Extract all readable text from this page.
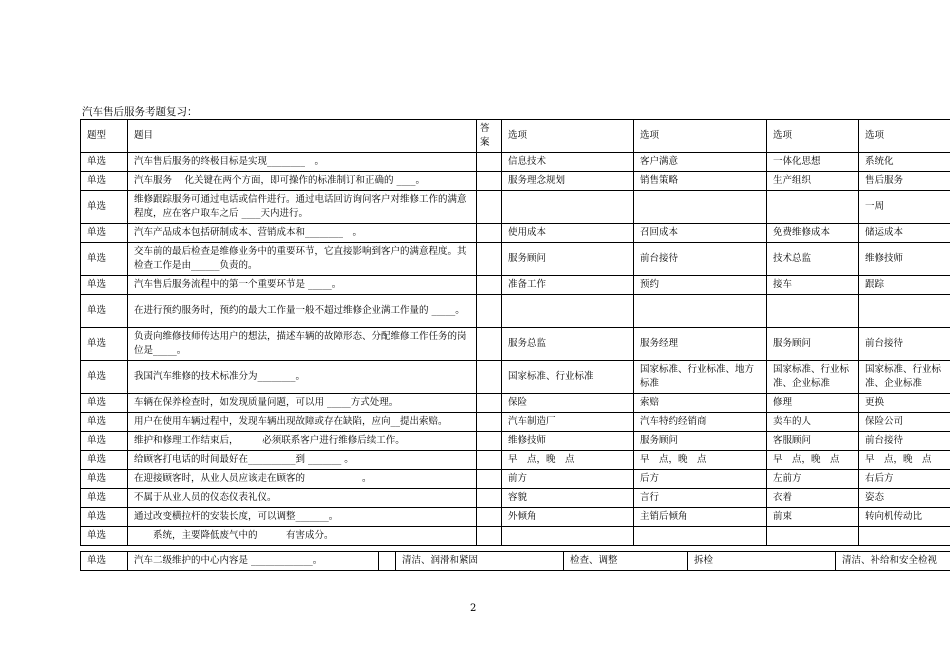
汽车售后服务考题复习：
题型	题目	答案	选项	选项	选项	选项
单选	汽车售后服务的终极目标是实现________　。		信息技术	客户满意	一体化思想	系统化
单选	汽车服务　 化关键在两个方面，即可操作的标准制订和正确的 ____。		服务理念规划	销售策略	生产组织	售后服务
单选	维修跟踪服务可通过电话或信件进行。通过电话回访询问客户对维修工作的满意程度，应在客户取车之后 ____天内进行。					一周
单选	汽车产品成本包括研制成本、营销成本和________　。		使用成本	召回成本	免费维修成本	储运成本
单选	交车前的最后检查是维修业务中的重要环节，它直接影响到客户的满意程度。其检查工作是由______负责的。		服务顾问	前台接待	技术总监	维修技师
单选	汽车售后服务流程中的第一个重要环节是 _____。		准备工作	预约	接车	跟踪
单选	在进行预约服务时，预约的最大工作量一般不超过维修企业满工作量的 _____。					
单选	负责向维修技师传达用户的想法，描述车辆的故障形态、分配维修工作任务的岗位是_____。		服务总监	服务经理	服务顾问	前台接待
单选	我国汽车维修的技术标准分为________。		国家标准、行业标准	国家标准、行业标准、地方标准	国家标准、行业标准、企业标准	国家标准、行业标准、企业标准
单选	车辆在保养检查时，如发现质量问题，可以用 _____方式处理。		保险	索赔	修理	更换
单选	用户在使用车辆过程中，发现车辆出现故障或存在缺陷，应向__提出索赔。		汽车制造厂	汽车特约经销商	卖车的人	保险公司
单选	维护和修理工作结束后，　　　必须联系客户进行维修后续工作。		维修技师	服务顾问	客服顾问	前台接待
单选	给顾客打电话的时间最好在__________到 _______ 。		早　点，晚　点	早　点，晚　点	早　点，晚　点	早　点，晚　点
单选	在迎接顾客时，从业人员应该走在顾客的　　　　　　。		前方	后方	左前方	右后方
单选	不属于从业人员的仪态仪表礼仪。		容貌	言行	衣着	姿态
单选	通过改变横拉杆的安装长度，可以调整_______。		外倾角	主销后倾角	前束	转向机传动比
单选	　　系统，主要降低废气中的　　　有害成分。					
单选	汽车二级维护的中心内容是 _____________。		清洁、润滑和紧固	检查、调整	拆检	清洁、补给和安全检视
2
